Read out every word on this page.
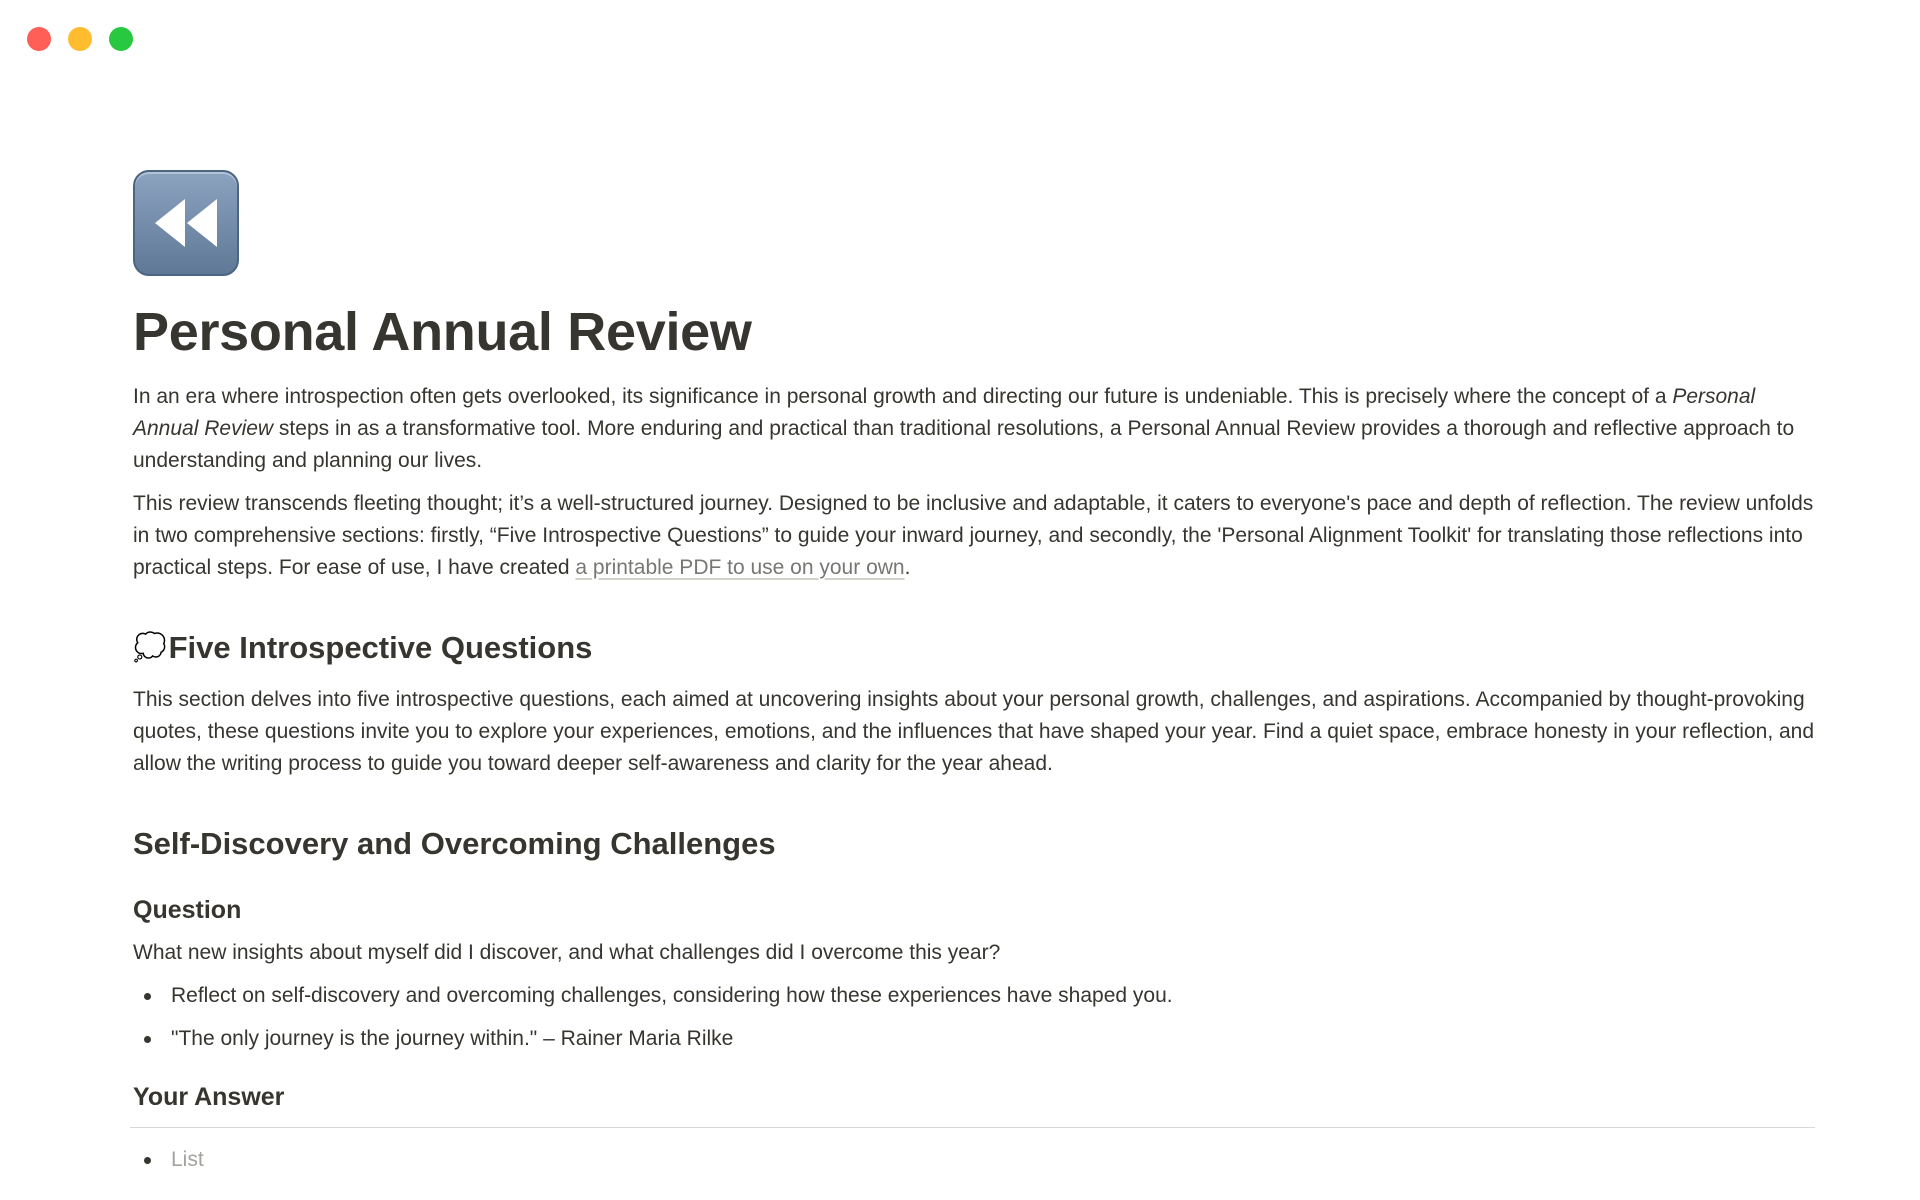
Personal Annual Review

In an era where introspection often gets overlooked, its significance in personal growth and directing our future is undeniable. This is precisely where the concept of a Personal Annual Review steps in as a transformative tool. More enduring and practical than traditional resolutions, a Personal Annual Review provides a thorough and reflective approach to understanding and planning our lives.

This review transcends fleeting thought; it’s a well-structured journey. Designed to be inclusive and adaptable, it caters to everyone's pace and depth of reflection. The review unfolds in two comprehensive sections: firstly, “Five Introspective Questions” to guide your inward journey, and secondly, the 'Personal Alignment Toolkit' for translating those reflections into practical steps. For ease of use, I have created a printable PDF to use on your own.

💭 Five Introspective Questions

This section delves into five introspective questions, each aimed at uncovering insights about your personal growth, challenges, and aspirations. Accompanied by thought-provoking quotes, these questions invite you to explore your experiences, emotions, and the influences that have shaped your year. Find a quiet space, embrace honesty in your reflection, and allow the writing process to guide you toward deeper self-awareness and clarity for the year ahead.

Self-Discovery and Overcoming Challenges
Question

What new insights about myself did I discover, and what challenges did I overcome this year?

Reflect on self-discovery and overcoming challenges, considering how these experiences have shaped you.
"The only journey is the journey within." – Rainer Maria Rilke
Your Answer
List
